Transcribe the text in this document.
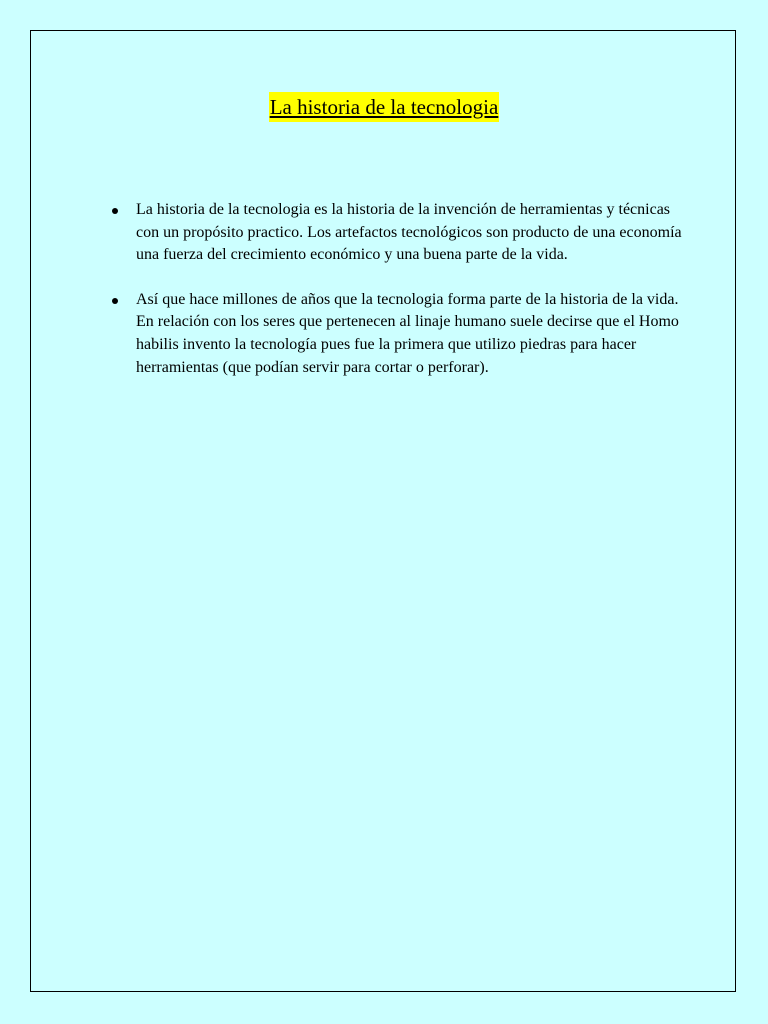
La historia de la tecnologia
La historia de la tecnologia es la historia de la invención de herramientas y técnicas con un propósito practico. Los artefactos tecnológicos son producto de una economía una fuerza del crecimiento económico y una buena parte de la vida.
Así que hace millones de años que la tecnologia forma parte de la historia de la vida. En relación con los seres que pertenecen al linaje humano suele decirse que el Homo habilis invento la tecnología pues fue la primera que utilizo piedras para hacer herramientas (que podían servir para cortar o perforar).
